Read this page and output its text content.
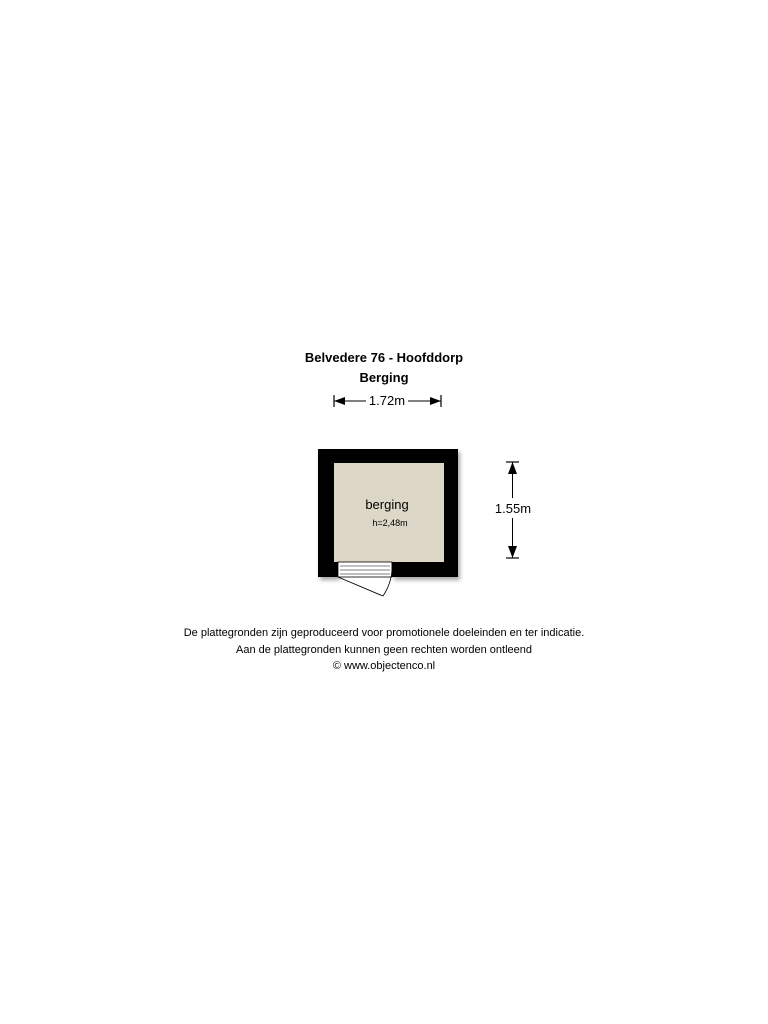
Belvedere 76 - Hoofddorp
Berging
1.72m
berging
h=2,48m
1.55m
De plattegronden zijn geproduceerd voor promotionele doeleinden en ter indicatie.
Aan de plattegronden kunnen geen rechten worden ontleend
© www.objectenco.nl
